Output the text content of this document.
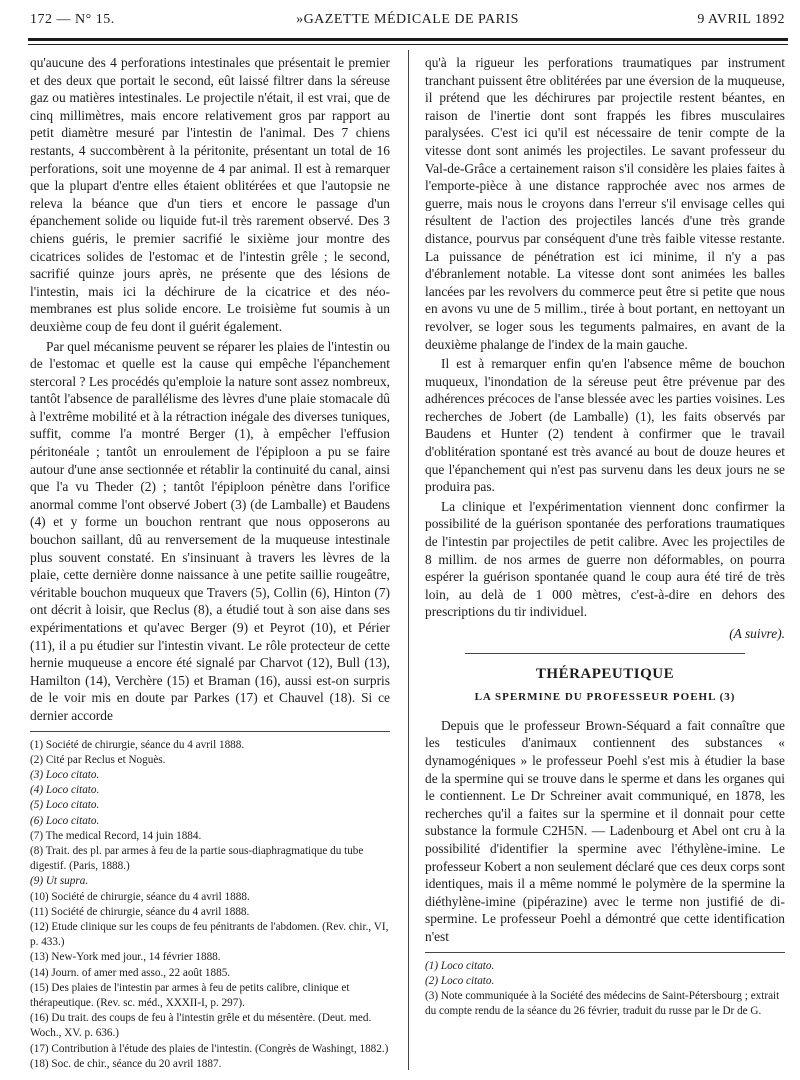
172 — N° 15.	»GAZETTE MÉDICALE DE PARIS	9 AVRIL 1892

qu'aucune des 4 perforations intestinales que présentait le premier et des deux que portait le second, eût laissé filtrer dans la séreuse gaz ou matières intestinales. Le projectile n'était, il est vrai, que de cinq millimètres, mais encore relativement gros par rapport au petit diamètre mesuré par l'intestin de l'animal. Des 7 chiens restants, 4 succombèrent à la péritonite, présentant un total de 16 perforations, soit une moyenne de 4 par animal. Il est à remarquer que la plupart d'entre elles étaient oblitérées et que l'autopsie ne releva la béance que d'un tiers et encore le passage d'un épanchement solide ou liquide fut-il très rarement observé. Des 3 chiens guéris, le premier sacrifié le sixième jour montre des cicatrices solides de l'estomac et de l'intestin grêle ; le second, sacrifié quinze jours après, ne présente que des lésions de l'intestin, mais ici la déchirure de la cicatrice et des néo-membranes est plus solide encore. Le troisième fut soumis à un deuxième coup de feu dont il guérit également.

Par quel mécanisme peuvent se réparer les plaies de l'intestin ou de l'estomac et quelle est la cause qui empêche l'épanchement stercoral ? Les procédés qu'emploie la nature sont assez nombreux, tantôt l'absence de parallélisme des lèvres d'une plaie stomacale dû à l'extrême mobilité et à la rétraction inégale des diverses tuniques, suffit, comme l'a montré Berger (1), à empêcher l'effusion péritonéale ; tantôt un enroulement de l'épiploon a pu se faire autour d'une anse sectionnée et rétablir la continuité du canal, ainsi que l'a vu Theder (2) ; tantôt l'épiploon pénètre dans l'orifice anormal comme l'ont observé Jobert (3) (de Lamballe) et Baudens (4) et y forme un bouchon rentrant que nous opposerons au bouchon saillant, dû au renversement de la muqueuse intestinale plus souvent constaté. En s'insinuant à travers les lèvres de la plaie, cette dernière donne naissance à une petite saillie rougeâtre, véritable bouchon muqueux que Travers (5), Collin (6), Hinton (7) ont décrit à loisir, que Reclus (8), a étudié tout à son aise dans ses expérimentations et qu'avec Berger (9) et Peyrot (10), et Périer (11), il a pu étudier sur l'intestin vivant. Le rôle protecteur de cette hernie muqueuse a encore été signalé par Charvot (12), Bull (13), Hamilton (14), Verchère (15) et Braman (16), aussi est-on surpris de le voir mis en doute par Parkes (17) et Chauvel (18). Si ce dernier accorde

(1) Société de chirurgie, séance du 4 avril 1888.
(2) Cité par Reclus et Noguès.
(3) Loco citato.
(4) Loco citato.
(5) Loco citato.
(6) Loco citato.
(7) The medical Record, 14 juin 1884.
(8) Trait. des pl. par armes à feu de la partie sous-diaphragmatique du tube digestif. (Paris, 1888.)
(9) Ut supra.
(10) Société de chirurgie, séance du 4 avril 1888.
(11) Société de chirurgie, séance du 4 avril 1888.
(12) Etude clinique sur les coups de feu pénitrants de l'abdomen. (Rev. chir., VI, p. 433.)
(13) New-York med jour., 14 février 1888.
(14) Journ. of amer med asso., 22 août 1885.
(15) Des plaies de l'intestin par armes à feu de petits calibre, clinique et thérapeutique. (Rev. sc. méd., XXXII-I, p. 297).
(16) Du trait. des coups de feu à l'intestin grêle et du mésentère. (Deut. med. Woch., XV. p. 636.)
(17) Contribution à l'étude des plaies de l'intestin. (Congrès de Washingt, 1882.)
(18) Soc. de chir., séance du 20 avril 1887.

qu'à la rigueur les perforations traumatiques par instrument tranchant puissent être oblitérées par une éversion de la muqueuse, il prétend que les déchirures par projectile restent béantes, en raison de l'inertie dont sont frappés les fibres musculaires paralysées. C'est ici qu'il est nécessaire de tenir compte de la vitesse dont sont animés les projectiles. Le savant professeur du Val-de-Grâce a certainement raison s'il considère les plaies faites à l'emporte-pièce à une distance rapprochée avec nos armes de guerre, mais nous le croyons dans l'erreur s'il envisage celles qui résultent de l'action des projectiles lancés d'une très grande distance, pourvus par conséquent d'une très faible vitesse restante. La puissance de pénétration est ici minime, il n'y a pas d'ébranlement notable. La vitesse dont sont animées les balles lancées par les revolvers du commerce peut être si petite que nous en avons vu une de 5 millim., tirée à bout portant, en nettoyant un revolver, se loger sous les teguments palmaires, en avant de la deuxième phalange de l'index de la main gauche.

Il est à remarquer enfin qu'en l'absence même de bouchon muqueux, l'inondation de la séreuse peut être prévenue par des adhérences précoces de l'anse blessée avec les parties voisines. Les recherches de Jobert (de Lamballe) (1), les faits observés par Baudens et Hunter (2) tendent à confirmer que le travail d'oblitération spontané est très avancé au bout de douze heures et que l'épanchement qui n'est pas survenu dans les deux jours ne se produira pas.

La clinique et l'expérimentation viennent donc confirmer la possibilité de la guérison spontanée des perforations traumatiques de l'intestin par projectiles de petit calibre. Avec les projectiles de 8 millim. de nos armes de guerre non déformables, on pourra espérer la guérison spontanée quand le coup aura été tiré de très loin, au delà de 1 000 mètres, c'est-à-dire en dehors des prescriptions du tir individuel.

(A suivre).
THÉRAPEUTIQUE
LA SPERMINE DU PROFESSEUR POEHL (3)

Depuis que le professeur Brown-Séquard a fait connaître que les testicules d'animaux contiennent des substances « dynamogéniques » le professeur Poehl s'est mis à étudier la base de la spermine qui se trouve dans le sperme et dans les organes qui le contiennent. Le Dr Schreiner avait communiqué, en 1878, les recherches qu'il a faites sur la spermine et il donnait pour cette substance la formule C2H5N. — Ladenbourg et Abel ont cru à la possibilité d'identifier la spermine avec l'éthylène-imine. Le professeur Kobert a non seulement déclaré que ces deux corps sont identiques, mais il a même nommé le polymère de la spermine la diéthylène-imine (pipérazine) avec le terme non justifié de di-spermine. Le professeur Poehl a démontré que cette identification n'est

(1) Loco citato.
(2) Loco citato.
(3) Note communiquée à la Société des médecins de Saint-Pétersbourg ; extrait du compte rendu de la séance du 26 février, traduit du russe par le Dr de G.
